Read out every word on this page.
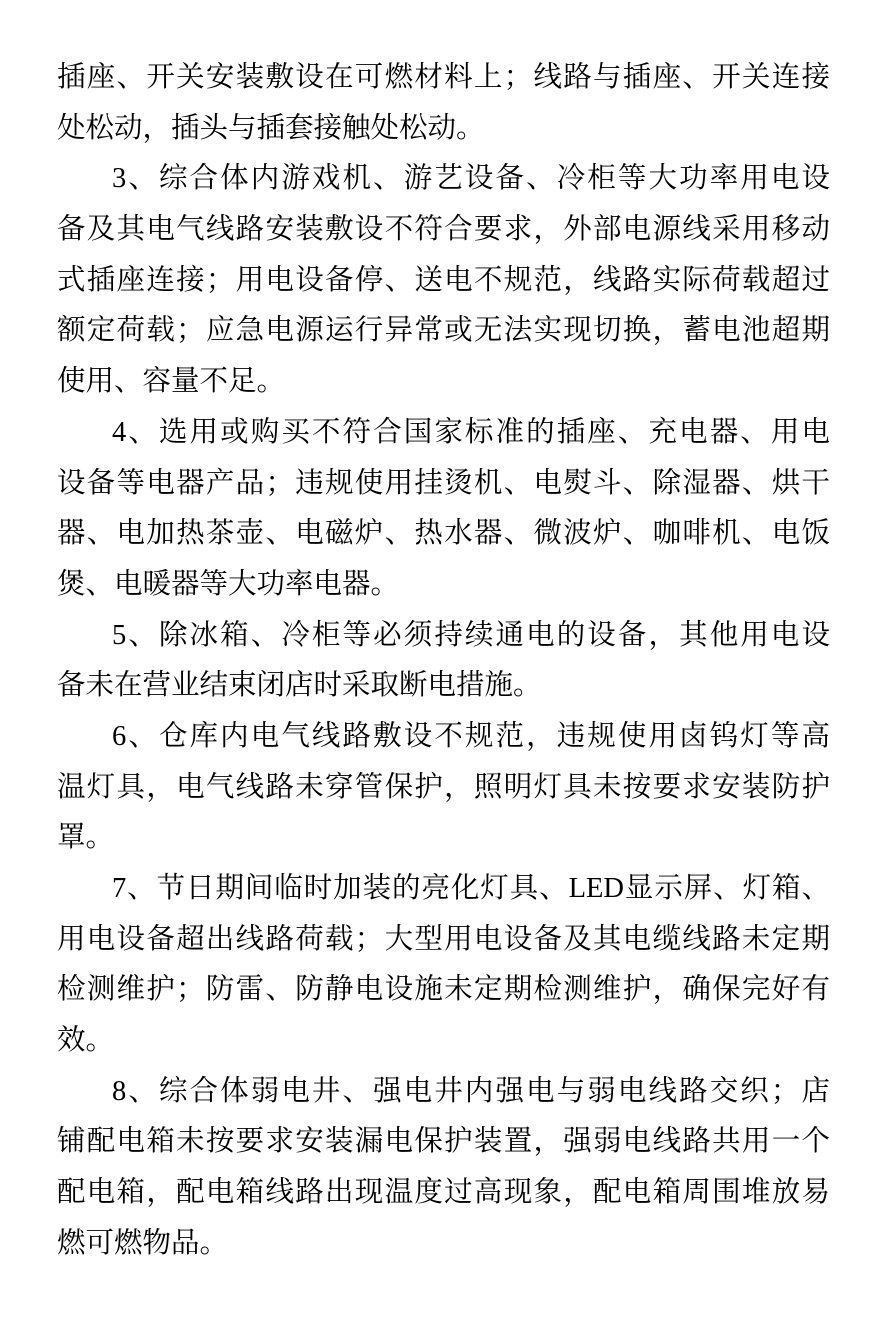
插座、开关安装敷设在可燃材料上；线路与插座、开关连接
处松动，插头与插套接触处松动。
3、综合体内游戏机、游艺设备、冷柜等大功率用电设
备及其电气线路安装敷设不符合要求，外部电源线采用移动
式插座连接；用电设备停、送电不规范，线路实际荷载超过
额定荷载；应急电源运行异常或无法实现切换，蓄电池超期
使用、容量不足。
4、选用或购买不符合国家标准的插座、充电器、用电
设备等电器产品；违规使用挂烫机、电熨斗、除湿器、烘干
器、电加热茶壶、电磁炉、热水器、微波炉、咖啡机、电饭
煲、电暖器等大功率电器。
5、除冰箱、冷柜等必须持续通电的设备，其他用电设
备未在营业结束闭店时采取断电措施。
6、仓库内电气线路敷设不规范，违规使用卤钨灯等高
温灯具，电气线路未穿管保护，照明灯具未按要求安装防护
罩。
7、节日期间临时加装的亮化灯具、LED显示屏、灯箱、
用电设备超出线路荷载；大型用电设备及其电缆线路未定期
检测维护；防雷、防静电设施未定期检测维护，确保完好有
效。
8、综合体弱电井、强电井内强电与弱电线路交织；店
铺配电箱未按要求安装漏电保护装置，强弱电线路共用一个
配电箱，配电箱线路出现温度过高现象，配电箱周围堆放易
燃可燃物品。
